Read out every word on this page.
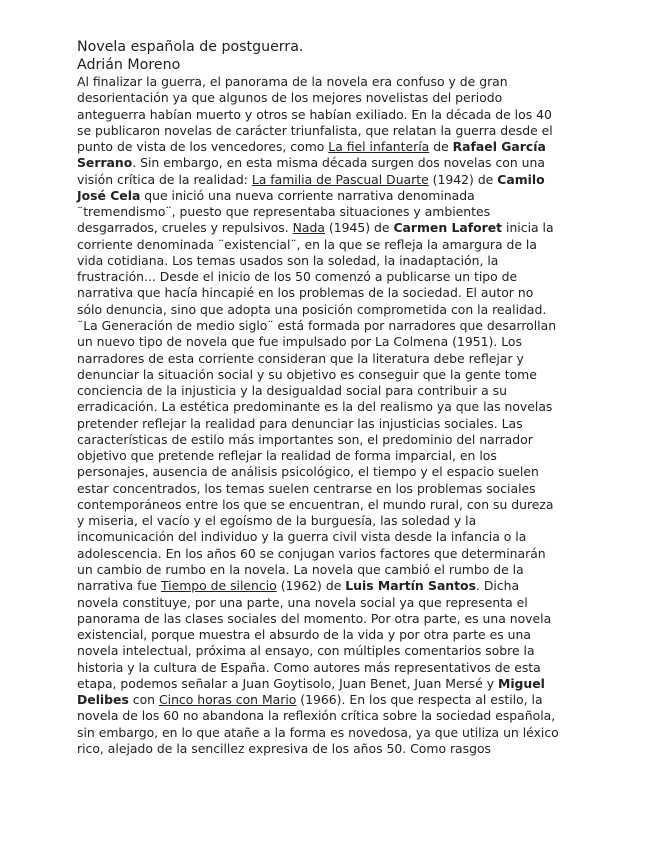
Novela española de postguerra.
Adrián Moreno
Al finalizar la guerra, el panorama de la novela era confuso y de gran
desorientación ya que algunos de los mejores novelistas del periodo
anteguerra habían muerto y otros se habían exiliado. En la década de los 40
se publicaron novelas de carácter triunfalista, que relatan la guerra desde el
punto de vista de los vencedores, como La fiel infantería de Rafael García
Serrano. Sin embargo, en esta misma década surgen dos novelas con una
visión crítica de la realidad: La familia de Pascual Duarte (1942) de Camilo
José Cela que inició una nueva corriente narrativa denominada
¨tremendismo¨, puesto que representaba situaciones y ambientes
desgarrados, crueles y repulsivos. Nada (1945) de Carmen Laforet inicia la
corriente denominada ¨existencial¨, en la que se refleja la amargura de la
vida cotidiana. Los temas usados son la soledad, la inadaptación, la
frustración... Desde el inicio de los 50 comenzó a publicarse un tipo de
narrativa que hacía hincapié en los problemas de la sociedad. El autor no
sólo denuncia, sino que adopta una posición comprometida con la realidad.
¨La Generación de medio siglo¨ está formada por narradores que desarrollan
un nuevo tipo de novela que fue impulsado por La Colmena (1951). Los
narradores de esta corriente consideran que la literatura debe reflejar y
denunciar la situación social y su objetivo es conseguir que la gente tome
conciencia de la injusticia y la desigualdad social para contribuir a su
erradicación. La estética predominante es la del realismo ya que las novelas
pretender reflejar la realidad para denunciar las injusticias sociales. Las
características de estilo más importantes son, el predominio del narrador
objetivo que pretende reflejar la realidad de forma imparcial, en los
personajes, ausencia de análisis psicológico, el tiempo y el espacio suelen
estar concentrados, los temas suelen centrarse en los problemas sociales
contemporáneos entre los que se encuentran, el mundo rural, con su dureza
y miseria, el vacío y el egoísmo de la burguesía, las soledad y la
incomunicación del individuo y la guerra civil vista desde la infancia o la
adolescencia. En los años 60 se conjugan varios factores que determinarán
un cambio de rumbo en la novela. La novela que cambió el rumbo de la
narrativa fue Tiempo de silencio (1962) de Luis Martín Santos. Dicha
novela constituye, por una parte, una novela social ya que representa el
panorama de las clases sociales del momento. Por otra parte, es una novela
existencial, porque muestra el absurdo de la vida y por otra parte es una
novela intelectual, próxima al ensayo, con múltiples comentarios sobre la
historia y la cultura de España. Como autores más representativos de esta
etapa, podemos señalar a Juan Goytisolo, Juan Benet, Juan Mersé y Miguel
Delibes con Cinco horas con Mario (1966). En los que respecta al estilo, la
novela de los 60 no abandona la reflexión crítica sobre la sociedad española,
sin embargo, en lo que atañe a la forma es novedosa, ya que utiliza un léxico
rico, alejado de la sencillez expresiva de los años 50. Como rasgos
